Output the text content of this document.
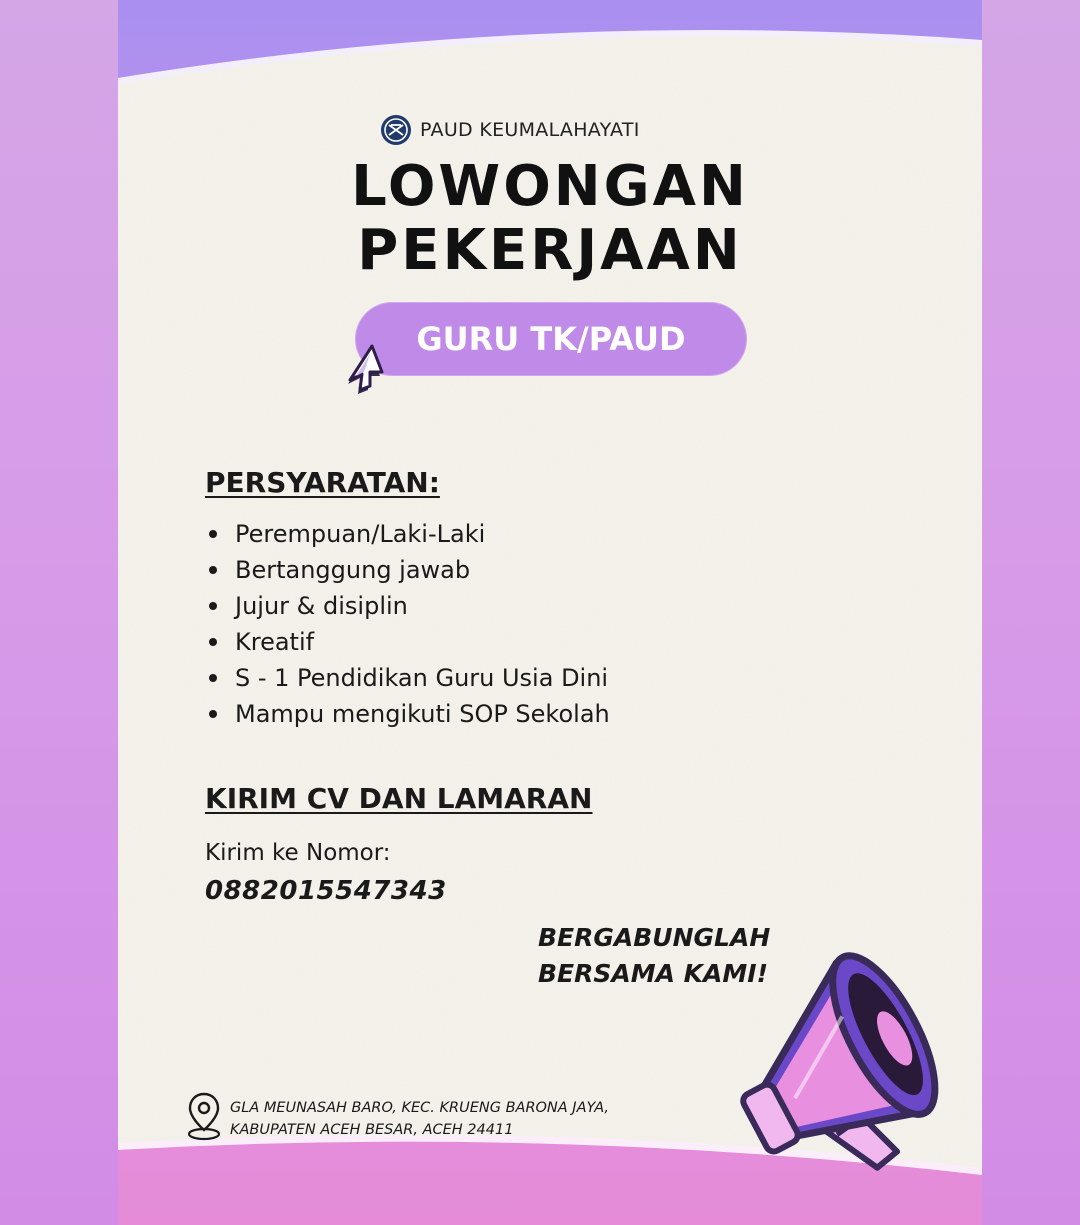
PAUD KEUMALAHAYATI
LOWONGAN
PEKERJAAN
GURU TK/PAUD
PERSYARATAN:
Perempuan/Laki-Laki
Bertanggung jawab
Jujur & disiplin
Kreatif
S - 1 Pendidikan Guru Usia Dini
Mampu mengikuti SOP Sekolah
KIRIM CV DAN LAMARAN
Kirim ke Nomor:
0882015547343
BERGABUNGLAH
BERSAMA KAMI!
GLA MEUNASAH BARO, KEC. KRUENG BARONA JAYA,
KABUPATEN ACEH BESAR, ACEH 24411
